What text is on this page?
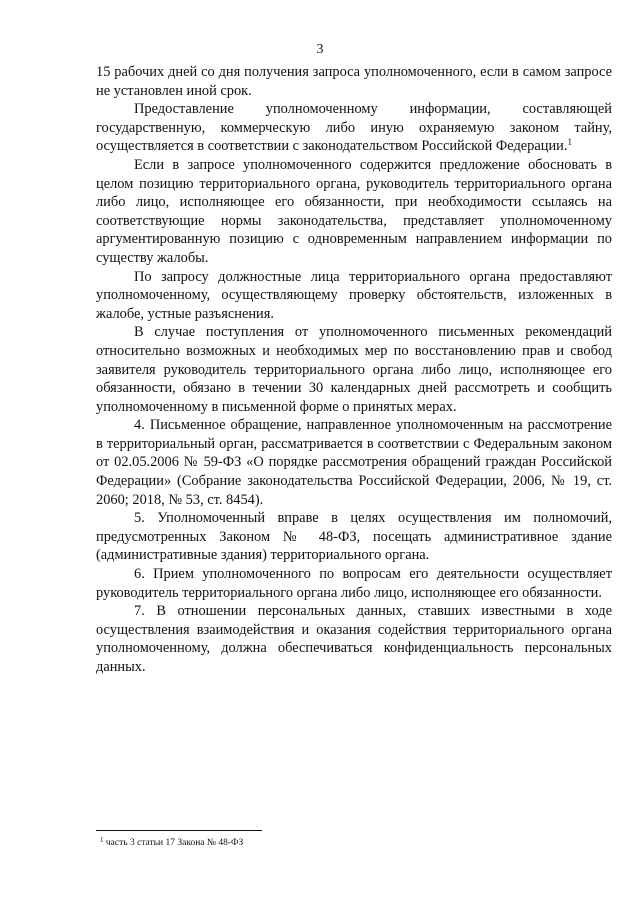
3

15 рабочих дней со дня получения запроса уполномоченного, если в самом запросе не установлен иной срок.

Предоставление уполномоченному информации, составляющей государственную, коммерческую либо иную охраняемую законом тайну, осуществляется в соответствии с законодательством Российской Федерации.$^1$

Если в запросе уполномоченного содержится предложение обосновать в целом позицию территориального органа, руководитель территориального органа либо лицо, исполняющее его обязанности, при необходимости ссылаясь на соответствующие нормы законодательства, представляет уполномоченному аргументированную позицию с одновременным направлением информации по существу жалобы.

По запросу должностные лица территориального органа предоставляют уполномоченному, осуществляющему проверку обстоятельств, изложенных в жалобе, устные разъяснения.

В случае поступления от уполномоченного письменных рекомендаций относительно возможных и необходимых мер по восстановлению прав и свобод заявителя руководитель территориального органа либо лицо, исполняющее его обязанности, обязано в течении 30 календарных дней рассмотреть и сообщить уполномоченному в письменной форме о принятых мерах.

4. Письменное обращение, направленное уполномоченным на рассмотрение в территориальный орган, рассматривается в соответствии с Федеральным законом от 02.05.2006 № 59-ФЗ «О порядке рассмотрения обращений граждан Российской Федерации» (Собрание законодательства Российской Федерации, 2006, № 19, ст. 2060; 2018, № 53, ст. 8454).

5. Уполномоченный вправе в целях осуществления им полномочий, предусмотренных Законом № 48-ФЗ, посещать административное здание (административные здания) территориального органа.

6. Прием уполномоченного по вопросам его деятельности осуществляет руководитель территориального органа либо лицо, исполняющее его обязанности.

7. В отношении персональных данных, ставших известными в ходе осуществления взаимодействия и оказания содействия территориального органа уполномоченному, должна обеспечиваться конфиденциальность персональных данных.

$^1$ часть 3 статьи 17 Закона № 48-ФЗ
